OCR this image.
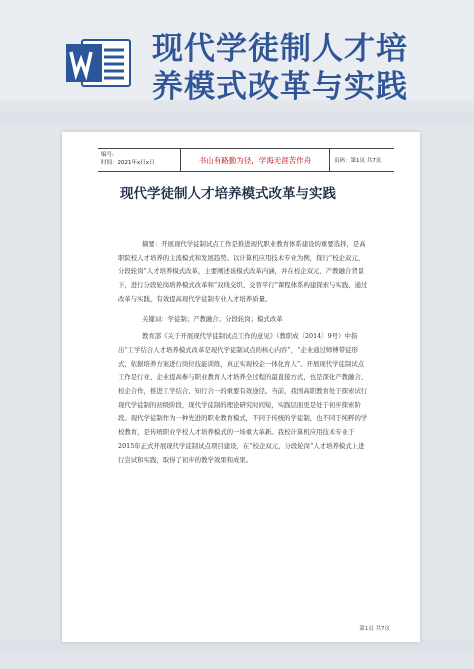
现代学徒制人才培
养模式改革与实践
编号:
时间：2021年x月x日	书山有路勤为径，学海无涯苦作舟	页码：第1页 共7页
现代学徒制人才培养模式改革与实践

摘要：开展现代学徒制试点工作是推进现代职业教育体系建设的重要选择，是高职院校人才培养的主流模式和发展趋势。以计算机应用技术专业为例，探行“校企双元、分段轮岗”人才培养模式改革，主要阐述该模式改革内涵，并在校企双元、产教融合背景下，进行分段轮岗培养模式改革和“双线交织、交替平行”课程体系构建探索与实践，通过改革与实践，有效提高现代学徒制专业人才培养质量。

关键词：学徒制；产教融合；分段轮岗；模式改革

教育部《关于开展现代学徒制试点工作的意见》（教职成〔2014〕9号）中指出“工学结合人才培养模式改革是现代学徒制试点的核心内容”，“企业通过师傅带徒形式，依据培养方案进行岗位技能训练，真正实现校企一体化育人”。开展现代学徒制试点工作是行业、企业提高参与职业教育人才培养全过程的最直接方式，也是深化产教融合、校企合作，推进工学结合、知行合一的重要有效途径。当前，我国高职教育处于探索试行现代学徒制的初级阶段，现代学徒制的理论研究时间短，实践层面更是处于初步探索阶段。现代学徒制作为一种先进的职业教育模式，不同于传统的学徒制，也不同于纯粹的学校教育，是传统职业学校人才培养模式的一场重大革新。我校计算机应用技术专业于2015年正式开展现代学徒制试点项目建设，在“校企双元，分段轮岗”人才培养模式上进行尝试和实践，取得了初步的教学效果和成果。

第1页 共7页
